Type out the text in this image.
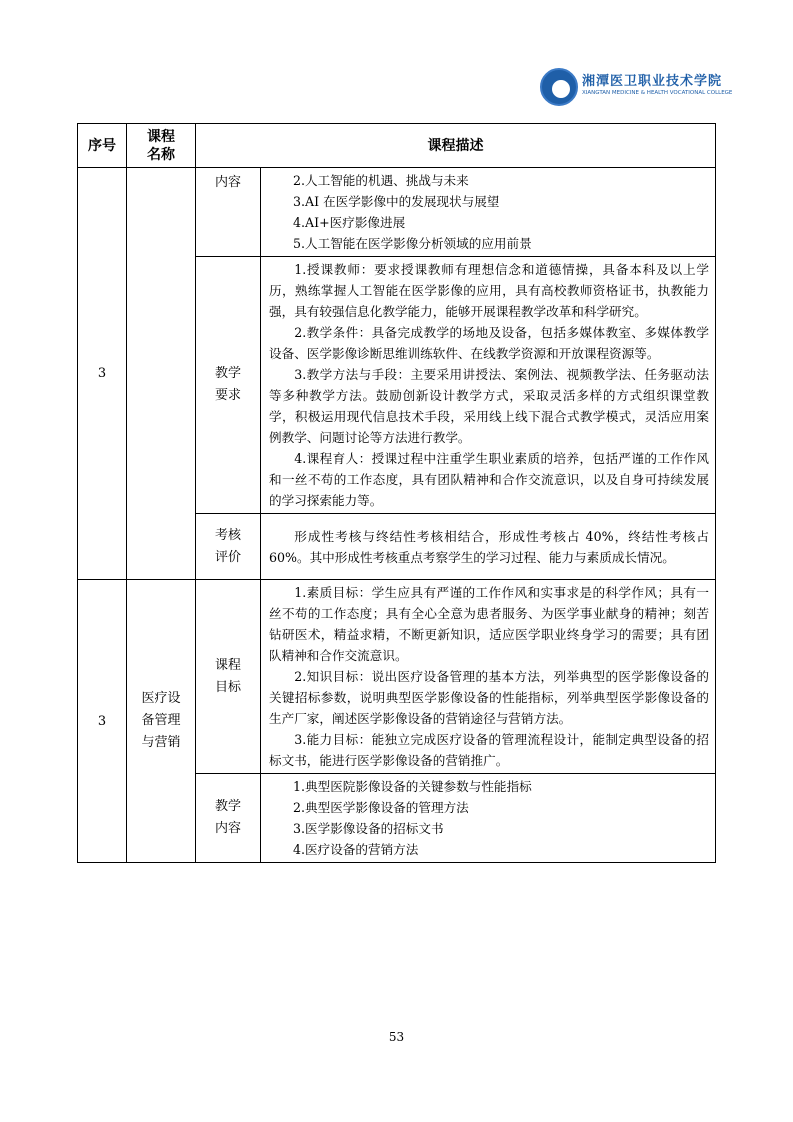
湘潭医卫职业技术学院
XIANGTAN MEDICINE & HEALTH VOCATIONAL COLLEGE
序号	课程名称	课程描述	
3		内容	2.人工智能的机遇、挑战与未来

3.AI 在医学影像中的发展现状与展望

4.AI+医疗影像进展

5.人工智能在医学影像分析领域的应用前景

		教学要求	1.授课教师：要求授课教师有理想信念和道德情操，具备本科及以上学历，熟练掌握人工智能在医学影像的应用，具有高校教师资格证书，执教能力强，具有较强信息化教学能力，能够开展课程教学改革和科学研究。

2.教学条件：具备完成教学的场地及设备，包括多媒体教室、多媒体教学设备、医学影像诊断思维训练软件、在线教学资源和开放课程资源等。

3.教学方法与手段：主要采用讲授法、案例法、视频教学法、任务驱动法等多种教学方法。鼓励创新设计教学方式，采取灵活多样的方式组织课堂教学，积极运用现代信息技术手段，采用线上线下混合式教学模式，灵活应用案例教学、问题讨论等方法进行教学。

4.课程育人：授课过程中注重学生职业素质的培养，包括严谨的工作作风和一丝不苟的工作态度，具有团队精神和合作交流意识，以及自身可持续发展的学习探索能力等。

		考核评价	形成性考核与终结性考核相结合，形成性考核占 40%，终结性考核占 60%。其中形成性考核重点考察学生的学习过程、能力与素质成长情况。

3	医疗设备管理与营销	课程目标	1.素质目标：学生应具有严谨的工作作风和实事求是的科学作风；具有一丝不苟的工作态度；具有全心全意为患者服务、为医学事业献身的精神；刻苦钻研医术，精益求精，不断更新知识，适应医学职业终身学习的需要；具有团队精神和合作交流意识。

2.知识目标：说出医疗设备管理的基本方法，列举典型的医学影像设备的关键招标参数，说明典型医学影像设备的性能指标，列举典型医学影像设备的生产厂家，阐述医学影像设备的营销途径与营销方法。

3.能力目标：能独立完成医疗设备的管理流程设计，能制定典型设备的招标文书，能进行医学影像设备的营销推广。

		教学内容	1.典型医院影像设备的关键参数与性能指标

2.典型医学影像设备的管理方法

3.医学影像设备的招标文书

4.医疗设备的营销方法

53
